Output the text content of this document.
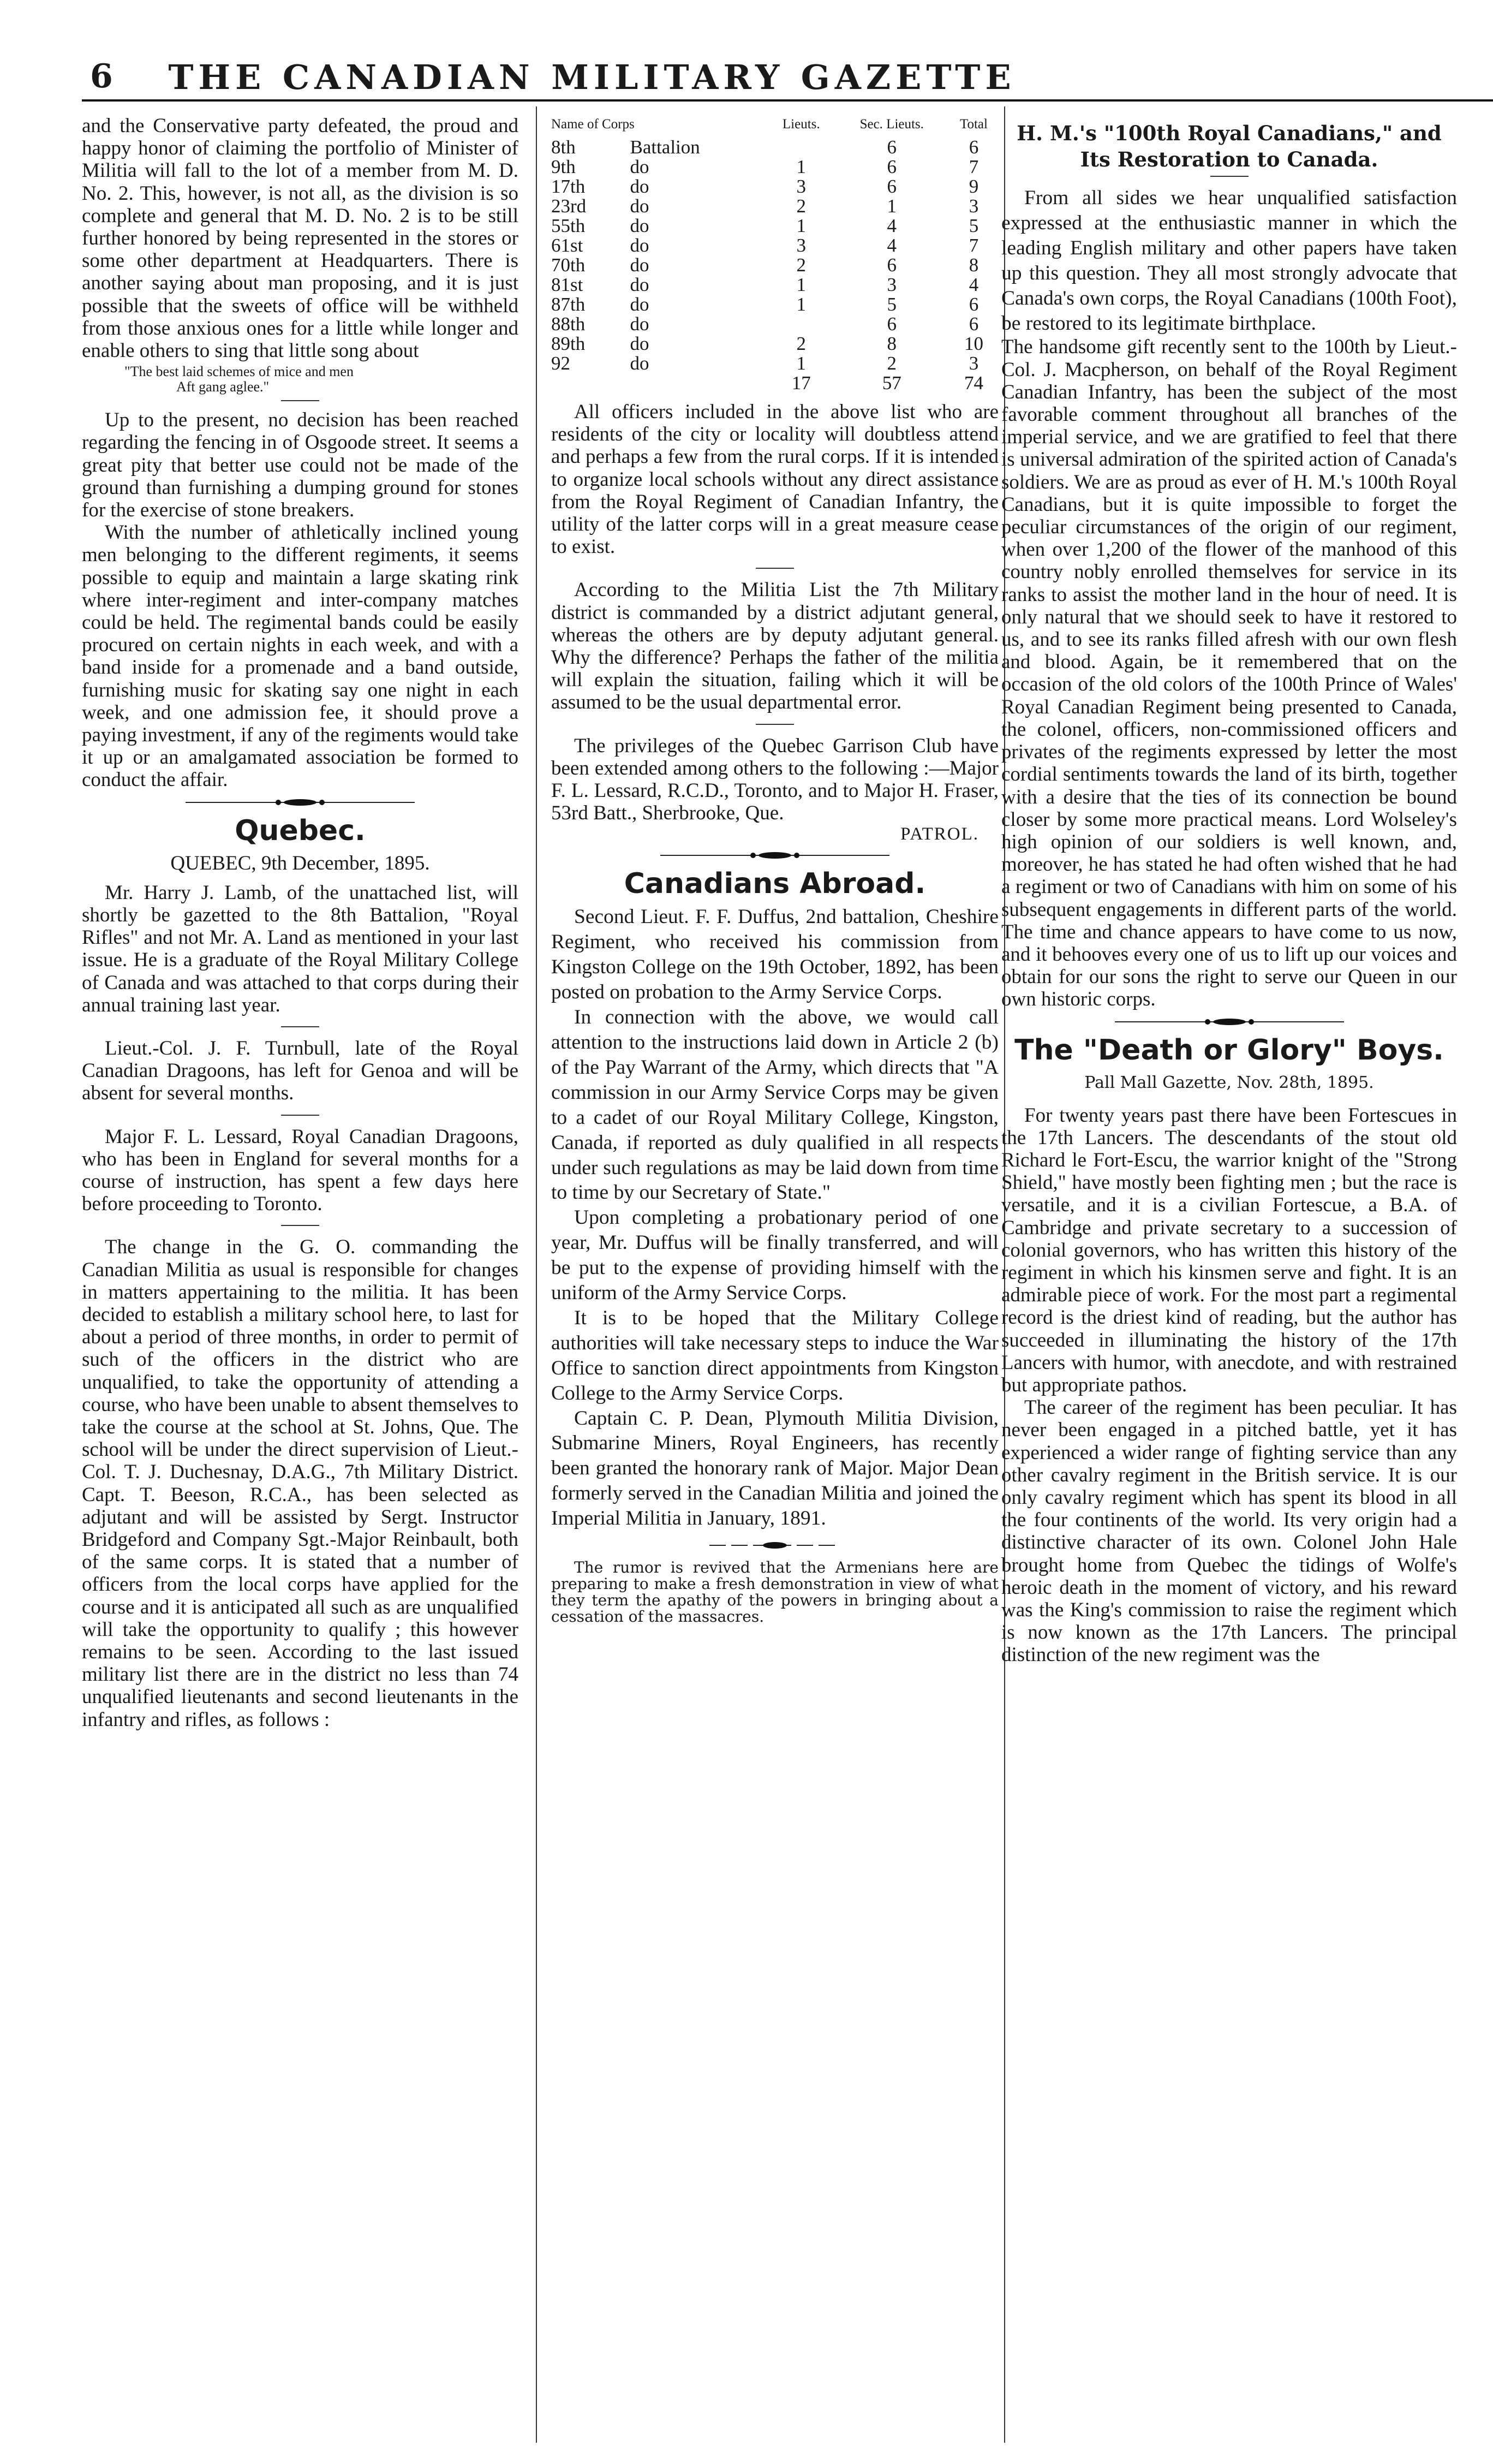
6	THE CANADIAN MILITARY GAZETTE

and the Conservative party defeated, the proud and happy honor of claiming the portfolio of Minister of Militia will fall to the lot of a member from M. D. No. 2. This, however, is not all, as the division is so complete and general that M. D. No. 2 is to be still further honored by being represented in the stores or some other department at Headquarters. There is another saying about man proposing, and it is just possible that the sweets of office will be withheld from those anxious ones for a little while longer and enable others to sing that little song about

"The best laid schemes of mice and men
Aft gang aglee."

Up to the present, no decision has been reached regarding the fencing in of Osgoode street. It seems a great pity that better use could not be made of the ground than furnishing a dumping ground for stones for the exercise of stone breakers.

With the number of athletically inclined young men belonging to the different regiments, it seems possible to equip and maintain a large skating rink where inter-regiment and inter-company matches could be held. The regimental bands could be easily procured on certain nights in each week, and with a band inside for a promenade and a band outside, furnishing music for skating say one night in each week, and one admission fee, it should prove a paying investment, if any of the regiments would take it up or an amalgamated association be formed to conduct the affair.

Quebec.
QUEBEC, 9th December, 1895.

Mr. Harry J. Lamb, of the unattached list, will shortly be gazetted to the 8th Battalion, "Royal Rifles" and not Mr. A. Land as mentioned in your last issue. He is a graduate of the Royal Military College of Canada and was attached to that corps during their annual training last year.

Lieut.-Col. J. F. Turnbull, late of the Royal Canadian Dragoons, has left for Genoa and will be absent for several months.

Major F. L. Lessard, Royal Canadian Dragoons, who has been in England for several months for a course of instruction, has spent a few days here before proceeding to Toronto.

The change in the G. O. commanding the Canadian Militia as usual is responsible for changes in matters appertaining to the militia. It has been decided to establish a military school here, to last for about a period of three months, in order to permit of such of the officers in the district who are unqualified, to take the opportunity of attending a course, who have been unable to absent themselves to take the course at the school at St. Johns, Que. The school will be under the direct supervision of Lieut.-Col. T. J. Duchesnay, D.A.G., 7th Military District. Capt. T. Beeson, R.C.A., has been selected as adjutant and will be assisted by Sergt. Instructor Bridgeford and Company Sgt.-Major Reinbault, both of the same corps. It is stated that a number of officers from the local corps have applied for the course and it is anticipated all such as are unqualified will take the opportunity to qualify ; this however remains to be seen. According to the last issued military list there are in the district no less than 74 unqualified lieutenants and second lieutenants in the infantry and rifles, as follows :

Name of Corps		Lieuts.	Sec. Lieuts.	Total
8th	Battalion		6	6
9th	do	1	6	7
17th	do	3	6	9
23rd	do	2	1	3
55th	do	1	4	5
61st	do	3	4	7
70th	do	2	6	8
81st	do	1	3	4
87th	do	1	5	6
88th	do		6	6
89th	do	2	8	10
92	do	1	2	3
		17	57	74

All officers included in the above list who are residents of the city or locality will doubtless attend and perhaps a few from the rural corps. If it is intended to organize local schools without any direct assistance from the Royal Regiment of Canadian Infantry, the utility of the latter corps will in a great measure cease to exist.

According to the Militia List the 7th Military district is commanded by a district adjutant general, whereas the others are by deputy adjutant general. Why the difference? Perhaps the father of the militia will explain the situation, failing which it will be assumed to be the usual departmental error.

The privileges of the Quebec Garrison Club have been extended among others to the following :—Major F. L. Lessard, R.C.D., Toronto, and to Major H. Fraser, 53rd Batt., Sherbrooke, Que.

PATROL.
Canadians Abroad.

Second Lieut. F. F. Duffus, 2nd battalion, Cheshire Regiment, who received his commission from Kingston College on the 19th October, 1892, has been posted on probation to the Army Service Corps.

In connection with the above, we would call attention to the instructions laid down in Article 2 (b) of the Pay Warrant of the Army, which directs that "A commission in our Army Service Corps may be given to a cadet of our Royal Military College, Kingston, Canada, if reported as duly qualified in all respects under such regulations as may be laid down from time to time by our Secretary of State."

Upon completing a probationary period of one year, Mr. Duffus will be finally transferred, and will be put to the expense of providing himself with the uniform of the Army Service Corps.

It is to be hoped that the Military College authorities will take necessary steps to induce the War Office to sanction direct appointments from Kingston College to the Army Service Corps.

Captain C. P. Dean, Plymouth Militia Division, Submarine Miners, Royal Engineers, has recently been granted the honorary rank of Major. Major Dean formerly served in the Canadian Militia and joined the Imperial Militia in January, 1891.

The rumor is revived that the Armenians here are preparing to make a fresh demonstration in view of what they term the apathy of the powers in bringing about a cessation of the massacres.

H. M.'s "100th Royal Canadians," and
Its Restoration to Canada.

From all sides we hear unqualified satisfaction expressed at the enthusiastic manner in which the leading English military and other papers have taken up this question. They all most strongly advocate that Canada's own corps, the Royal Canadians (100th Foot), be restored to its legitimate birthplace.

The handsome gift recently sent to the 100th by Lieut.-Col. J. Macpherson, on behalf of the Royal Regiment Canadian Infantry, has been the subject of the most favorable comment throughout all branches of the imperial service, and we are gratified to feel that there is universal admiration of the spirited action of Canada's soldiers. We are as proud as ever of H. M.'s 100th Royal Canadians, but it is quite impossible to forget the peculiar circumstances of the origin of our regiment, when over 1,200 of the flower of the manhood of this country nobly enrolled themselves for service in its ranks to assist the mother land in the hour of need. It is only natural that we should seek to have it restored to us, and to see its ranks filled afresh with our own flesh and blood. Again, be it remembered that on the occasion of the old colors of the 100th Prince of Wales' Royal Canadian Regiment being presented to Canada, the colonel, officers, non-commissioned officers and privates of the regiments expressed by letter the most cordial sentiments towards the land of its birth, together with a desire that the ties of its connection be bound closer by some more practical means. Lord Wolseley's high opinion of our soldiers is well known, and, moreover, he has stated he had often wished that he had a regiment or two of Canadians with him on some of his subsequent engagements in different parts of the world. The time and chance appears to have come to us now, and it behooves every one of us to lift up our voices and obtain for our sons the right to serve our Queen in our own historic corps.

The "Death or Glory" Boys.
Pall Mall Gazette, Nov. 28th, 1895.

For twenty years past there have been Fortescues in the 17th Lancers. The descendants of the stout old Richard le Fort-Escu, the warrior knight of the "Strong Shield," have mostly been fighting men ; but the race is versatile, and it is a civilian Fortescue, a B.A. of Cambridge and private secretary to a succession of colonial governors, who has written this history of the regiment in which his kinsmen serve and fight. It is an admirable piece of work. For the most part a regimental record is the driest kind of reading, but the author has succeeded in illuminating the history of the 17th Lancers with humor, with anecdote, and with restrained but appropriate pathos.

The career of the regiment has been peculiar. It has never been engaged in a pitched battle, yet it has experienced a wider range of fighting service than any other cavalry regiment in the British service. It is our only cavalry regiment which has spent its blood in all the four continents of the world. Its very origin had a distinctive character of its own. Colonel John Hale brought home from Quebec the tidings of Wolfe's heroic death in the moment of victory, and his reward was the King's commission to raise the regiment which is now known as the 17th Lancers. The principal distinction of the new regiment was the
